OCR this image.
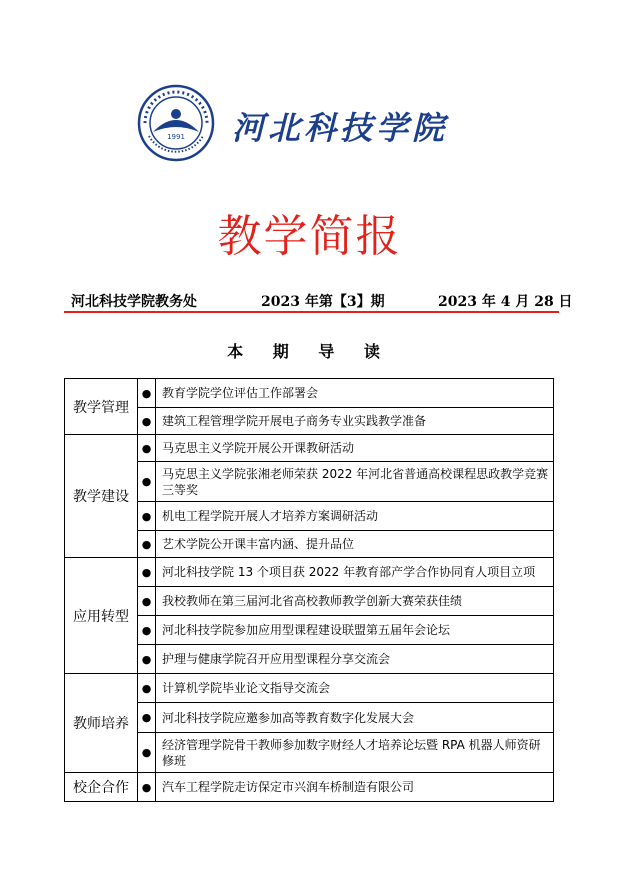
1991 河北科技学院
教学简报
河北科技学院教务处	2023 年第【3】期	2023 年 4 月 28 日
本 期 导 读
教学管理	●	教育学院学位评估工作部署会
	●	建筑工程管理学院开展电子商务专业实践教学准备
教学建设	●	马克思主义学院开展公开课教研活动
	●	马克思主义学院张湘老师荣获 2022 年河北省普通高校课程思政教学竞赛三等奖
	●	机电工程学院开展人才培养方案调研活动
	●	艺术学院公开课丰富内涵、提升品位
应用转型	●	河北科技学院 13 个项目获 2022 年教育部产学合作协同育人项目立项
	●	我校教师在第三届河北省高校教师教学创新大赛荣获佳绩
	●	河北科技学院参加应用型课程建设联盟第五届年会论坛
	●	护理与健康学院召开应用型课程分享交流会
教师培养	●	计算机学院毕业论文指导交流会
	●	河北科技学院应邀参加高等教育数字化发展大会
	●	经济管理学院骨干教师参加数字财经人才培养论坛暨 RPA 机器人师资研修班
校企合作	●	汽车工程学院走访保定市兴润车桥制造有限公司
